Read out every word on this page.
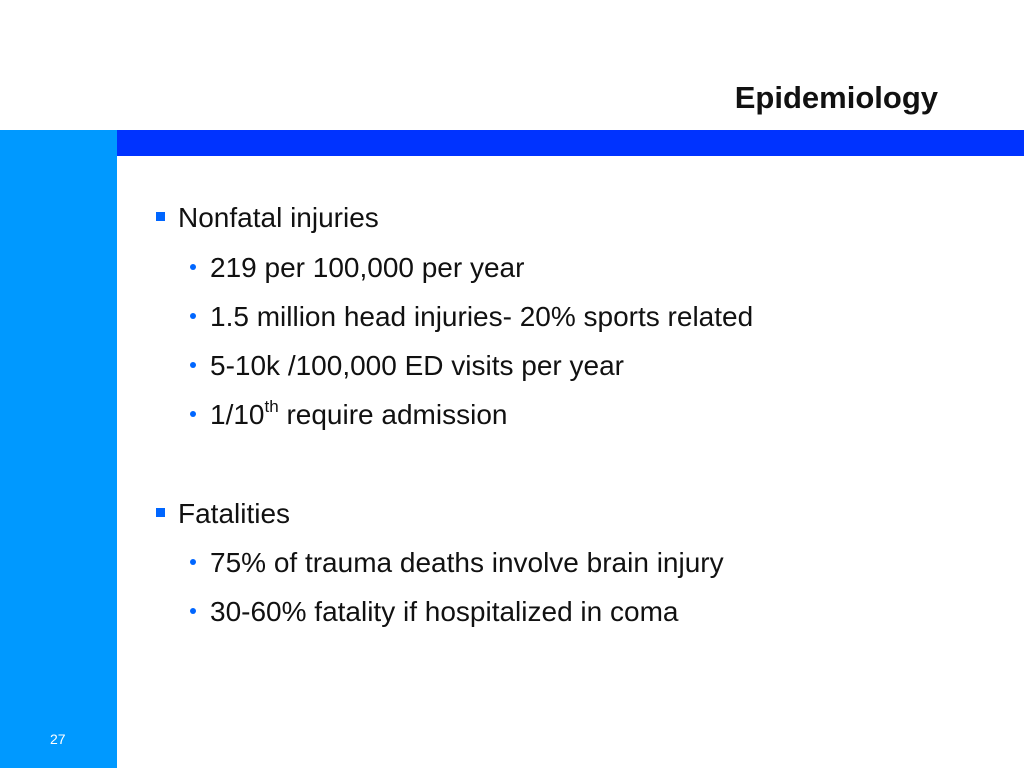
Epidemiology
Nonfatal injuries
219 per 100,000 per year
1.5 million head injuries- 20% sports related
5-10k /100,000 ED visits per year
1/10th require admission
Fatalities
75% of trauma deaths involve brain injury
30-60% fatality if hospitalized in coma
27
